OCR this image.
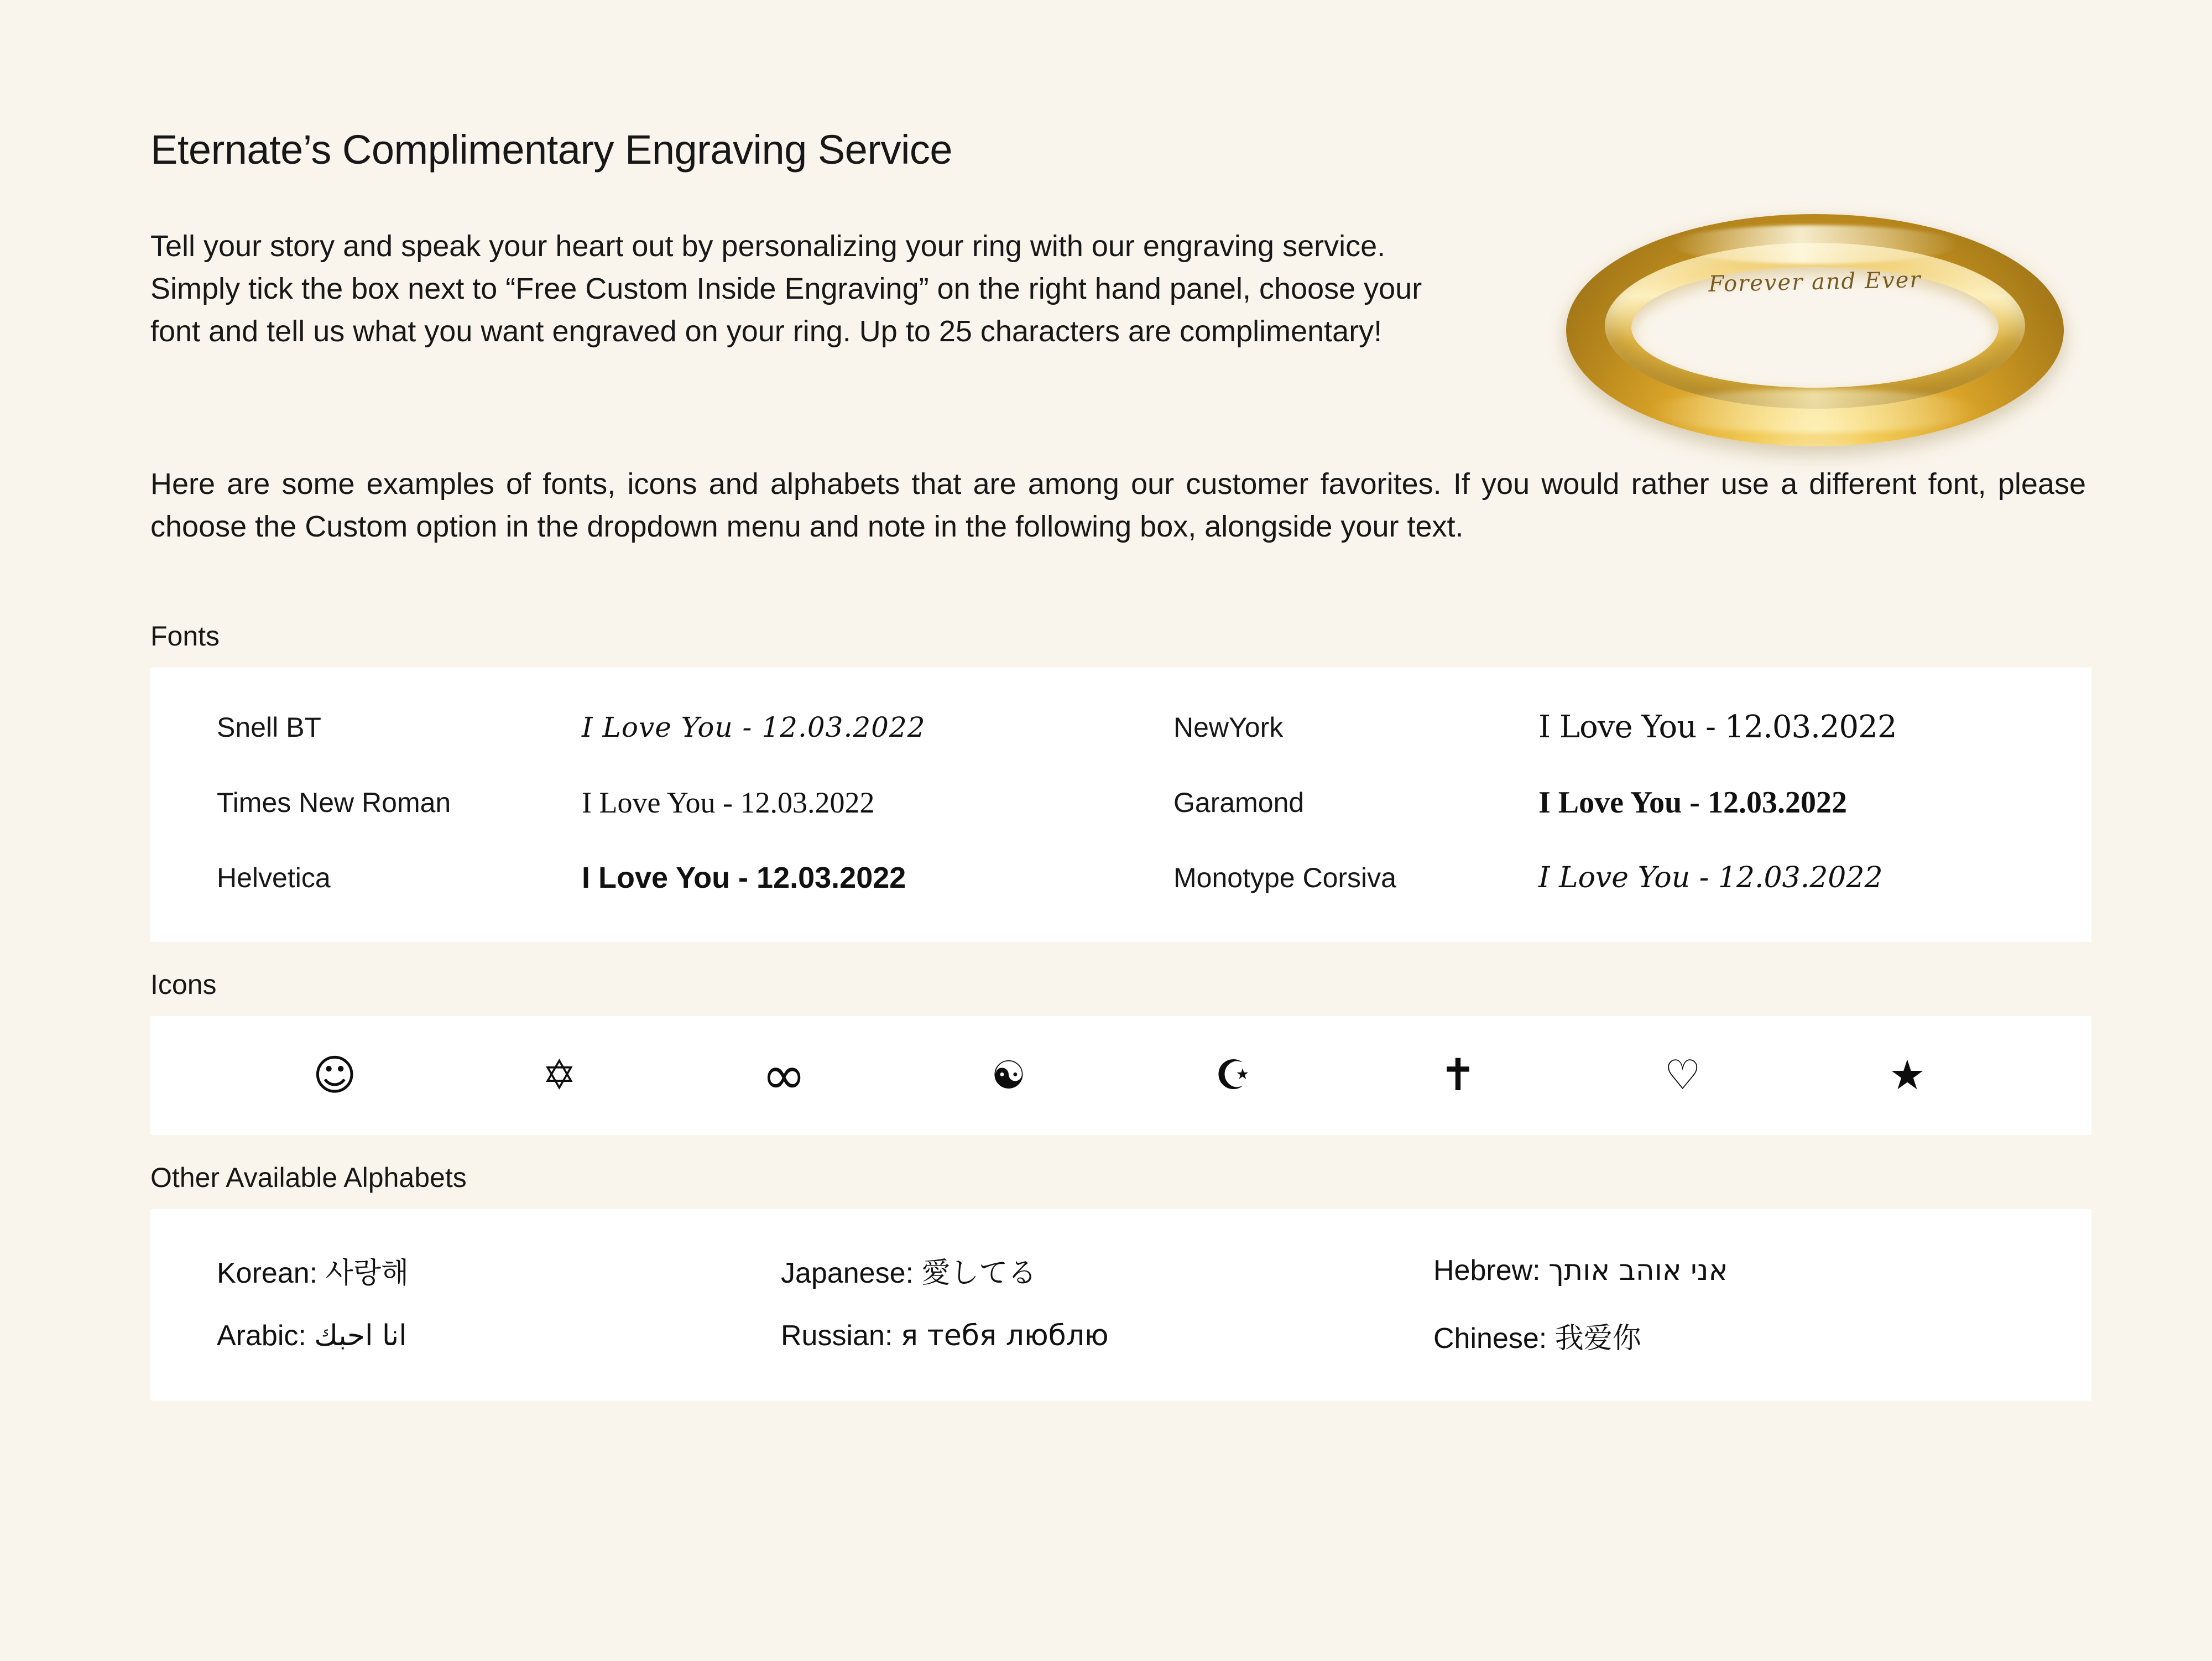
Eternate’s Complimentary Engraving Service

Tell your story and speak your heart out by personalizing your ring with our engraving service. Simply tick the box next to “Free Custom Inside Engraving” on the right hand panel, choose your font and tell us what you want engraved on your ring. Up to 25 characters are complimentary!

Forever and Ever

Here are some examples of fonts, icons and alphabets that are among our customer favorites. If you would rather use a different font, please choose the Custom option in the dropdown menu and note in the following box, alongside your text.

Fonts
Snell BT	I Love You - 12.03.2022	NewYork	I Love You - 12.03.2022
Times New Roman	I Love You - 12.03.2022	Garamond	I Love You - 12.03.2022
Helvetica	I Love You - 12.03.2022	Monotype Corsiva	I Love You - 12.03.2022
Icons
☺	✡	∞	☯	☪	✝	♡	★
Other Available Alphabets
Korean: 사랑해	Japanese: 愛してる	Hebrew: אני אוהב אותך
Arabic: انا احبك	Russian: я тебя люблю	Chinese: 我爱你
